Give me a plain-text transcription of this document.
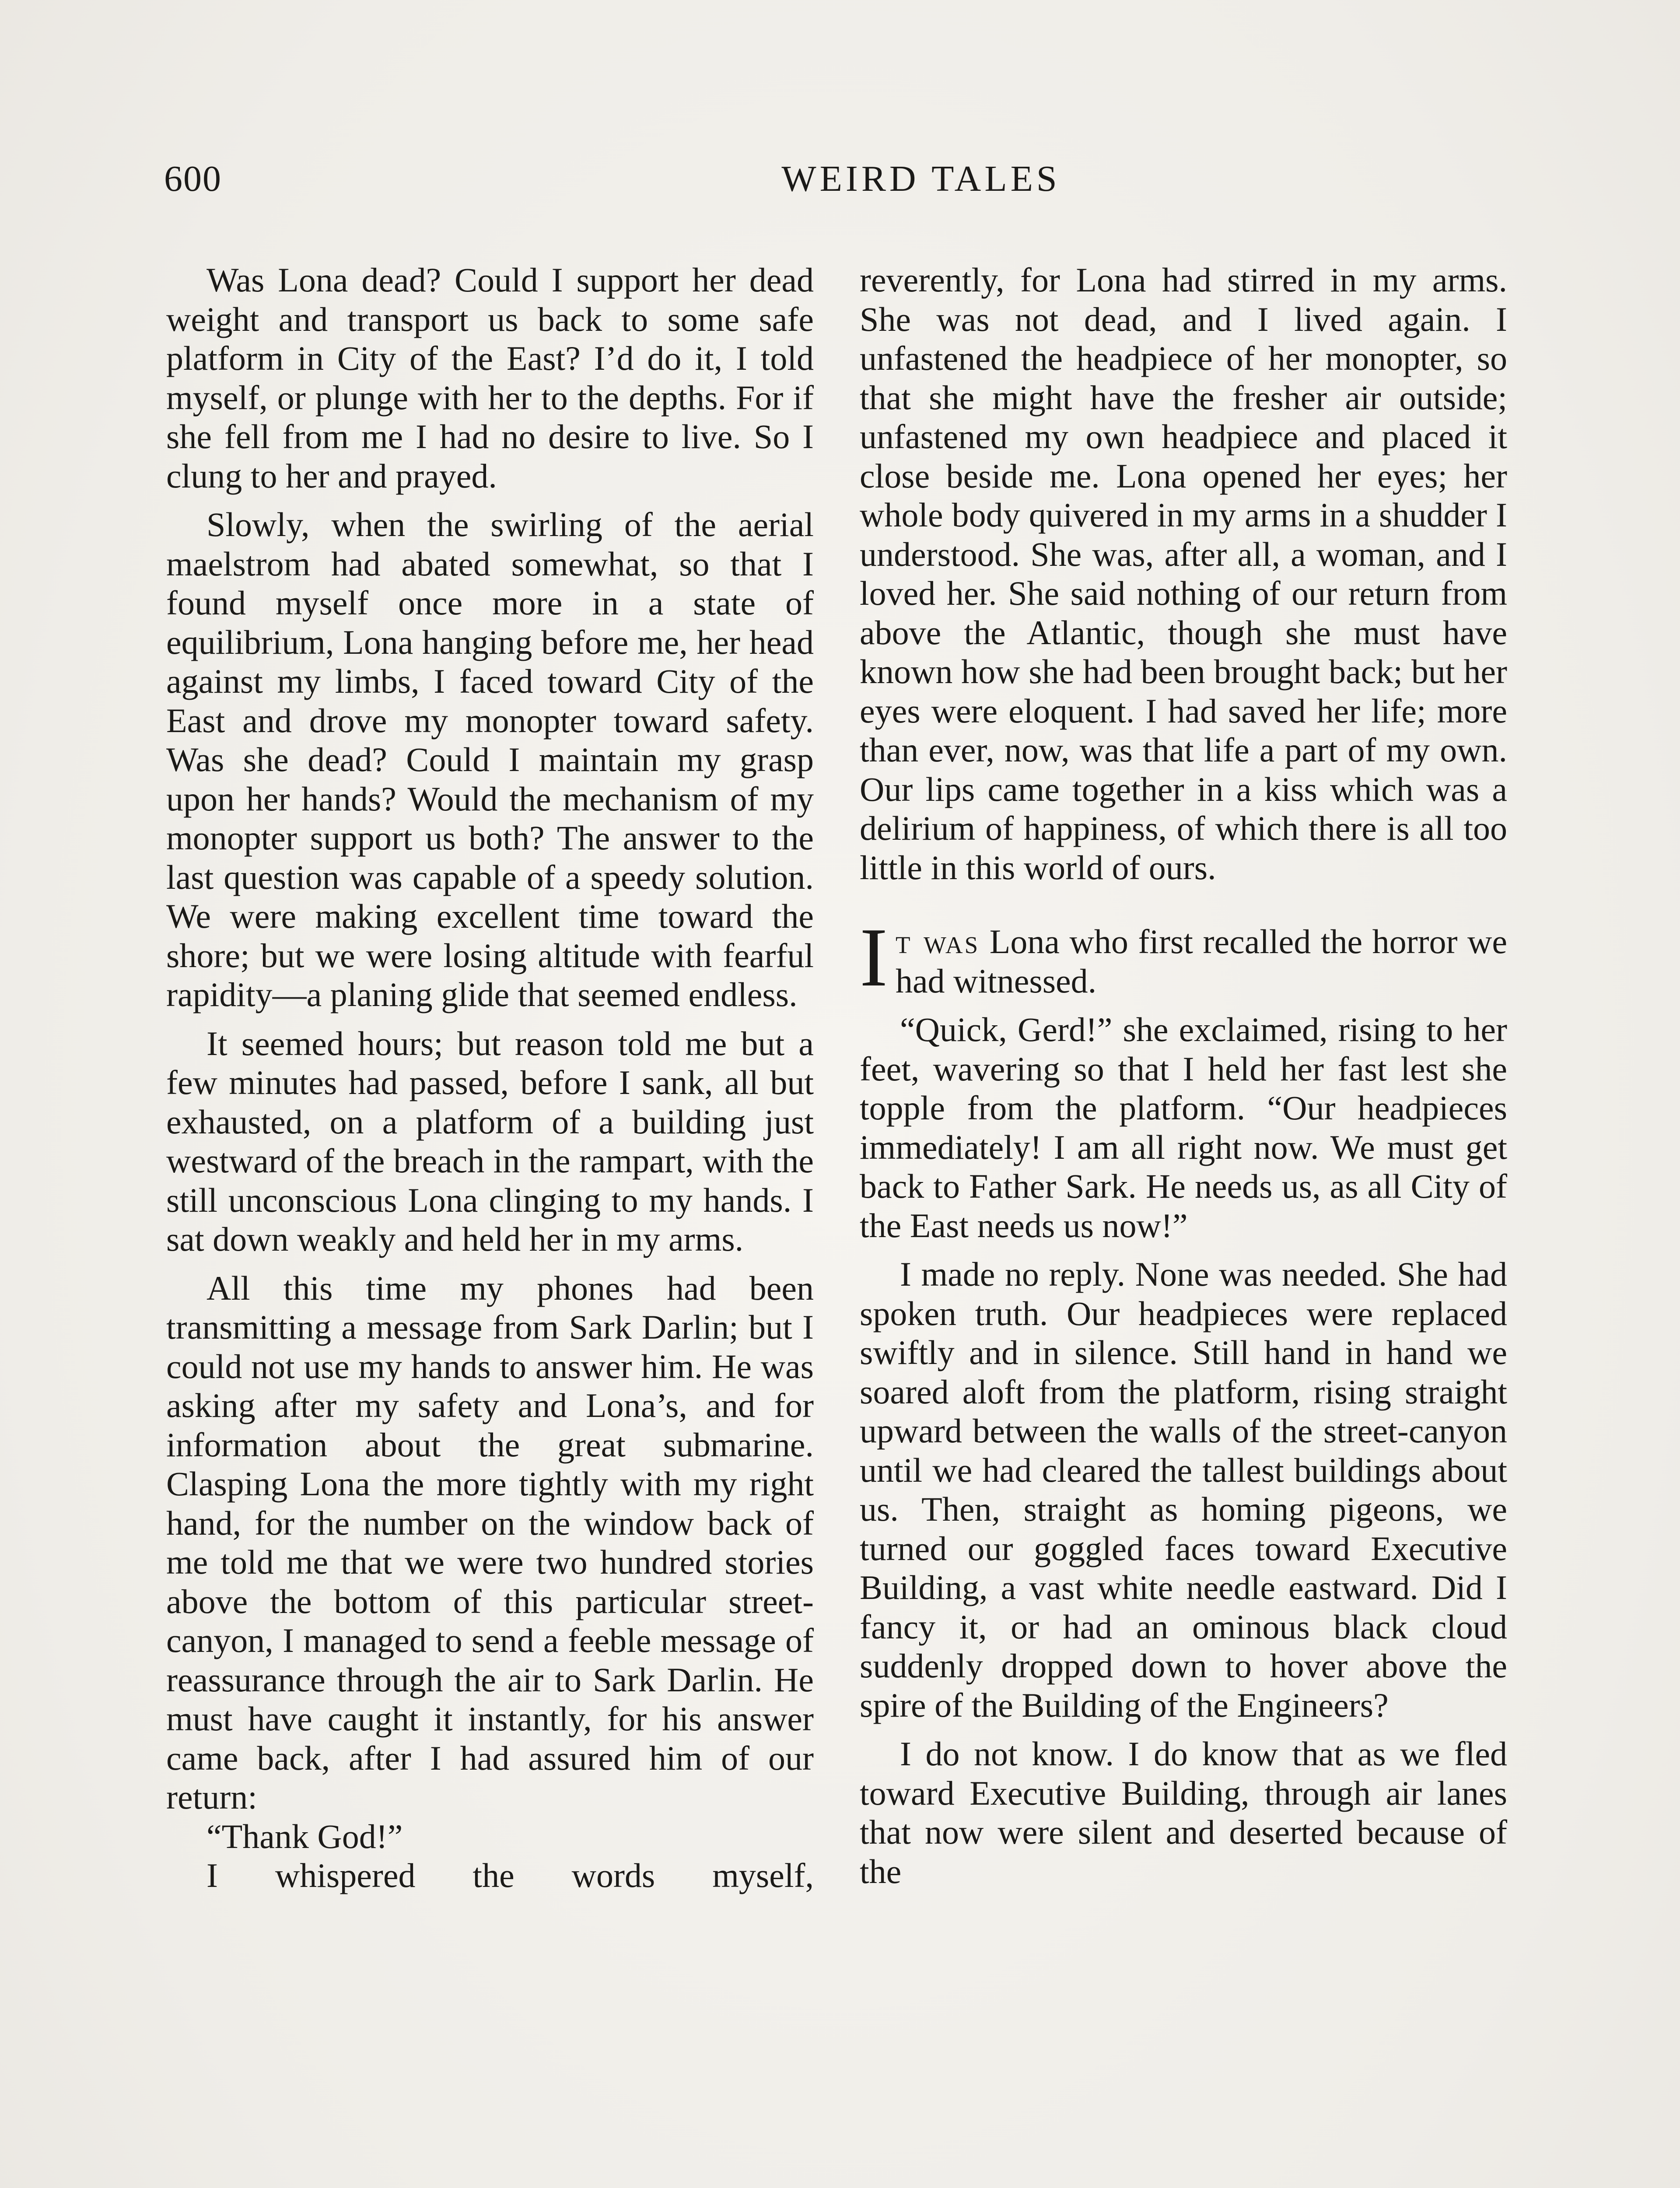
600	WEIRD TALES

Was Lona dead? Could I support her dead weight and transport us back to some safe platform in City of the East? I’d do it, I told myself, or plunge with her to the depths. For if she fell from me I had no desire to live. So I clung to her and prayed.

Slowly, when the swirling of the aerial maelstrom had abated somewhat, so that I found myself once more in a state of equilibrium, Lona hanging before me, her head against my limbs, I faced toward City of the East and drove my monopter toward safety. Was she dead? Could I maintain my grasp upon her hands? Would the mechanism of my monopter support us both? The answer to the last question was capable of a speedy solution. We were making excellent time toward the shore; but we were losing altitude with fearful rapidity—a planing glide that seemed endless.

It seemed hours; but reason told me but a few minutes had passed, before I sank, all but exhausted, on a platform of a building just westward of the breach in the rampart, with the still unconscious Lona clinging to my hands. I sat down weakly and held her in my arms.

All this time my phones had been transmitting a message from Sark Darlin; but I could not use my hands to answer him. He was asking after my safety and Lona’s, and for information about the great submarine. Clasping Lona the more tightly with my right hand, for the number on the window back of me told me that we were two hundred stories above the bottom of this particular street-canyon, I managed to send a feeble message of reassurance through the air to Sark Darlin. He must have caught it instantly, for his answer came back, after I had assured him of our return:

“Thank God!”

I whispered the words myself,

reverently, for Lona had stirred in my arms. She was not dead, and I lived again. I unfastened the headpiece of her monopter, so that she might have the fresher air outside; unfastened my own headpiece and placed it close beside me. Lona opened her eyes; her whole body quivered in my arms in a shudder I understood. She was, after all, a woman, and I loved her. She said nothing of our return from above the Atlantic, though she must have known how she had been brought back; but her eyes were eloquent. I had saved her life; more than ever, now, was that life a part of my own. Our lips came together in a kiss which was a delirium of happiness, of which there is all too little in this world of ours.

It was Lona who first recalled the horror we had witnessed.

“Quick, Gerd!” she exclaimed, rising to her feet, wavering so that I held her fast lest she topple from the platform. “Our headpieces immediately! I am all right now. We must get back to Father Sark. He needs us, as all City of the East needs us now!”

I made no reply. None was needed. She had spoken truth. Our headpieces were replaced swiftly and in silence. Still hand in hand we soared aloft from the platform, rising straight upward between the walls of the street-canyon until we had cleared the tallest buildings about us. Then, straight as homing pigeons, we turned our goggled faces toward Executive Building, a vast white needle eastward. Did I fancy it, or had an ominous black cloud suddenly dropped down to hover above the spire of the Building of the Engineers?

I do not know. I do know that as we fled toward Executive Building, through air lanes that now were silent and deserted because of the
